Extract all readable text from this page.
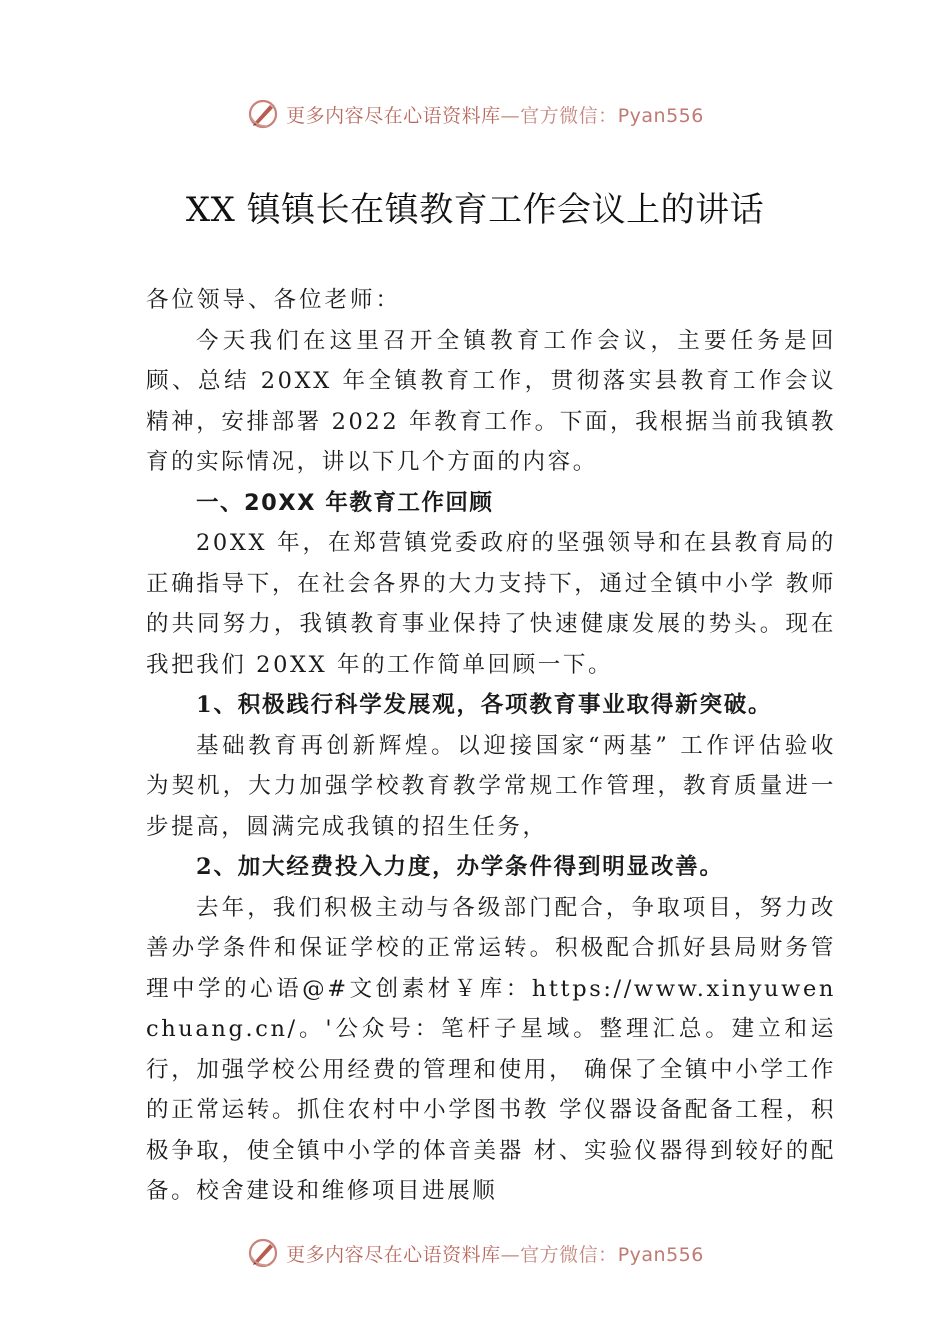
更多内容尽在心语资料库—官方微信：Pyan556
XX 镇镇长在镇教育工作会议上的讲话

各位领导、各位老师：

今天我们在这里召开全镇教育工作会议，主要任务是回顾、总结 20XX 年全镇教育工作，贯彻落实县教育工作会议精神，安排部署 2022 年教育工作。下面，我根据当前我镇教育的实际情况，讲以下几个方面的内容。

一、20XX 年教育工作回顾

20XX 年，在郑营镇党委政府的坚强领导和在县教育局的正确指导下，在社会各界的大力支持下，通过全镇中小学 教师的共同努力，我镇教育事业保持了快速健康发展的势头。现在我把我们 20XX 年的工作简单回顾一下。

1、积极践行科学发展观，各项教育事业取得新突破。

基础教育再创新辉煌。以迎接国家“两基” 工作评估验收为契机，大力加强学校教育教学常规工作管理，教育质量进一步提高，圆满完成我镇的招生任务，

2、加大经费投入力度，办学条件得到明显改善。

去年，我们积极主动与各级部门配合，争取项目，努力改善办学条件和保证学校的正常运转。积极配合抓好县局财务管理中学的心语@#文创素材￥库：https://www.xinyuwenchuang.cn/。'公众号：笔杆子星域。整理汇总。建立和运行，加强学校公用经费的管理和使用， 确保了全镇中小学工作的正常运转。抓住农村中小学图书教 学仪器设备配备工程，积极争取，使全镇中小学的体音美器 材、实验仪器得到较好的配备。校舍建设和维修项目进展顺

更多内容尽在心语资料库—官方微信：Pyan556
